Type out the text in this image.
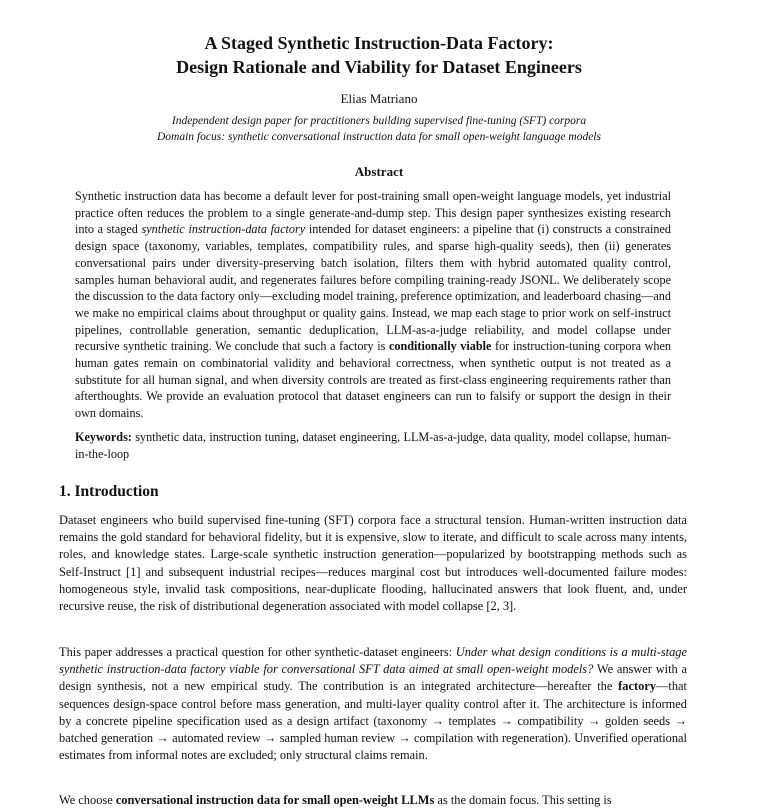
A Staged Synthetic Instruction-Data Factory:
Design Rationale and Viability for Dataset Engineers
Elias Matriano
Independent design paper for practitioners building supervised fine-tuning (SFT) corpora
Domain focus: synthetic conversational instruction data for small open-weight language models
Abstract
Synthetic instruction data has become a default lever for post-training small open-weight language models, yet industrial practice often reduces the problem to a single generate-and-dump step. This design paper synthesizes existing research into a staged synthetic instruction-data factory intended for dataset engineers: a pipeline that (i) constructs a constrained design space (taxonomy, variables, templates, compatibility rules, and sparse high-quality seeds), then (ii) generates conversational pairs under diversity-preserving batch isolation, filters them with hybrid automated quality control, samples human behavioral audit, and regenerates failures before compiling training-ready JSONL. We deliberately scope the discussion to the data factory only—excluding model training, preference optimization, and leaderboard chasing—and we make no empirical claims about throughput or quality gains. Instead, we map each stage to prior work on self-instruct pipelines, controllable generation, semantic deduplication, LLM-as-a-judge reliability, and model collapse under recursive synthetic training. We conclude that such a factory is conditionally viable for instruction-tuning corpora when human gates remain on combinatorial validity and behavioral correctness, when synthetic output is not treated as a substitute for all human signal, and when diversity controls are treated as first-class engineering requirements rather than afterthoughts. We provide an evaluation protocol that dataset engineers can run to falsify or support the design in their own domains.
Keywords: synthetic data, instruction tuning, dataset engineering, LLM-as-a-judge, data quality, model collapse, human-in-the-loop
1. Introduction
Dataset engineers who build supervised fine-tuning (SFT) corpora face a structural tension. Human-written instruction data remains the gold standard for behavioral fidelity, but it is expensive, slow to iterate, and difficult to scale across many intents, roles, and knowledge states. Large-scale synthetic instruction generation—popularized by bootstrapping methods such as Self-Instruct [1] and subsequent industrial recipes—reduces marginal cost but introduces well-documented failure modes: homogeneous style, invalid task compositions, near-duplicate flooding, hallucinated answers that look fluent, and, under recursive reuse, the risk of distributional degeneration associated with model collapse [2, 3].
This paper addresses a practical question for other synthetic-dataset engineers: Under what design conditions is a multi-stage synthetic instruction-data factory viable for conversational SFT data aimed at small open-weight models? We answer with a design synthesis, not a new empirical study. The contribution is an integrated architecture—hereafter the factory—that sequences design-space control before mass generation, and multi-layer quality control after it. The architecture is informed by a concrete pipeline specification used as a design artifact (taxonomy → templates → compatibility → golden seeds → batched generation → automated review → sampled human review → compilation with regeneration). Unverified operational estimates from informal notes are excluded; only structural claims remain.
We choose conversational instruction data for small open-weight LLMs as the domain focus. This setting is
